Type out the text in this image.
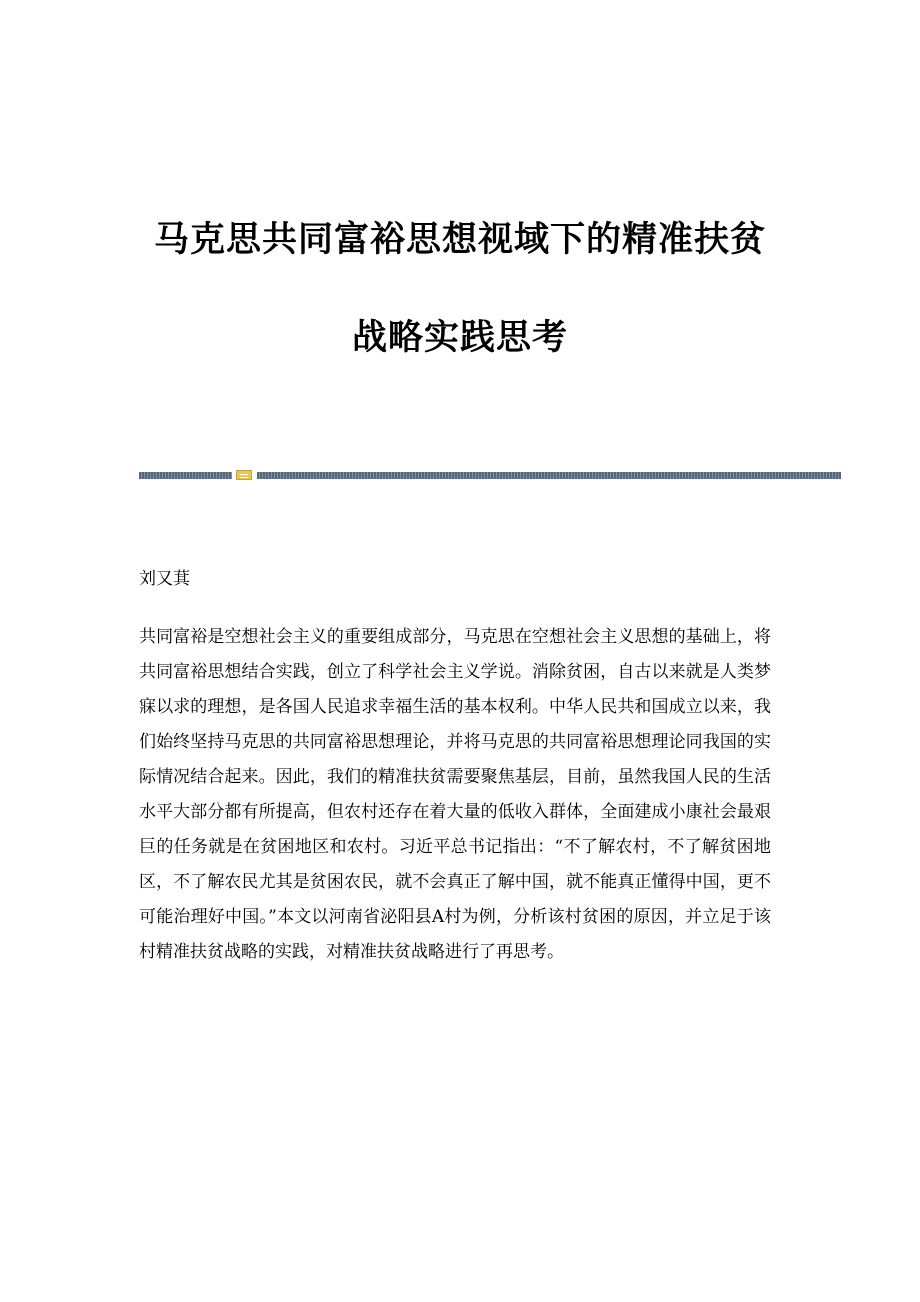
马克思共同富裕思想视域下的精准扶贫
战略实践思考
刘又萁

共同富裕是空想社会主义的重要组成部分，马克思在空想社会主义思想的基础上，将共同富裕思想结合实践，创立了科学社会主义学说。消除贫困，自古以来就是人类梦寐以求的理想，是各国人民追求幸福生活的基本权利。中华人民共和国成立以来，我们始终坚持马克思的共同富裕思想理论，并将马克思的共同富裕思想理论同我国的实际情况结合起来。因此，我们的精准扶贫需要聚焦基层，目前，虽然我国人民的生活水平大部分都有所提高，但农村还存在着大量的低收入群体，全面建成小康社会最艰巨的任务就是在贫困地区和农村。习近平总书记指出：“不了解农村，不了解贫困地区，不了解农民尤其是贫困农民，就不会真正了解中国，就不能真正懂得中国，更不可能治理好中国。”本文以河南省泌阳县A村为例，分析该村贫困的原因，并立足于该村精准扶贫战略的实践，对精准扶贫战略进行了再思考。
